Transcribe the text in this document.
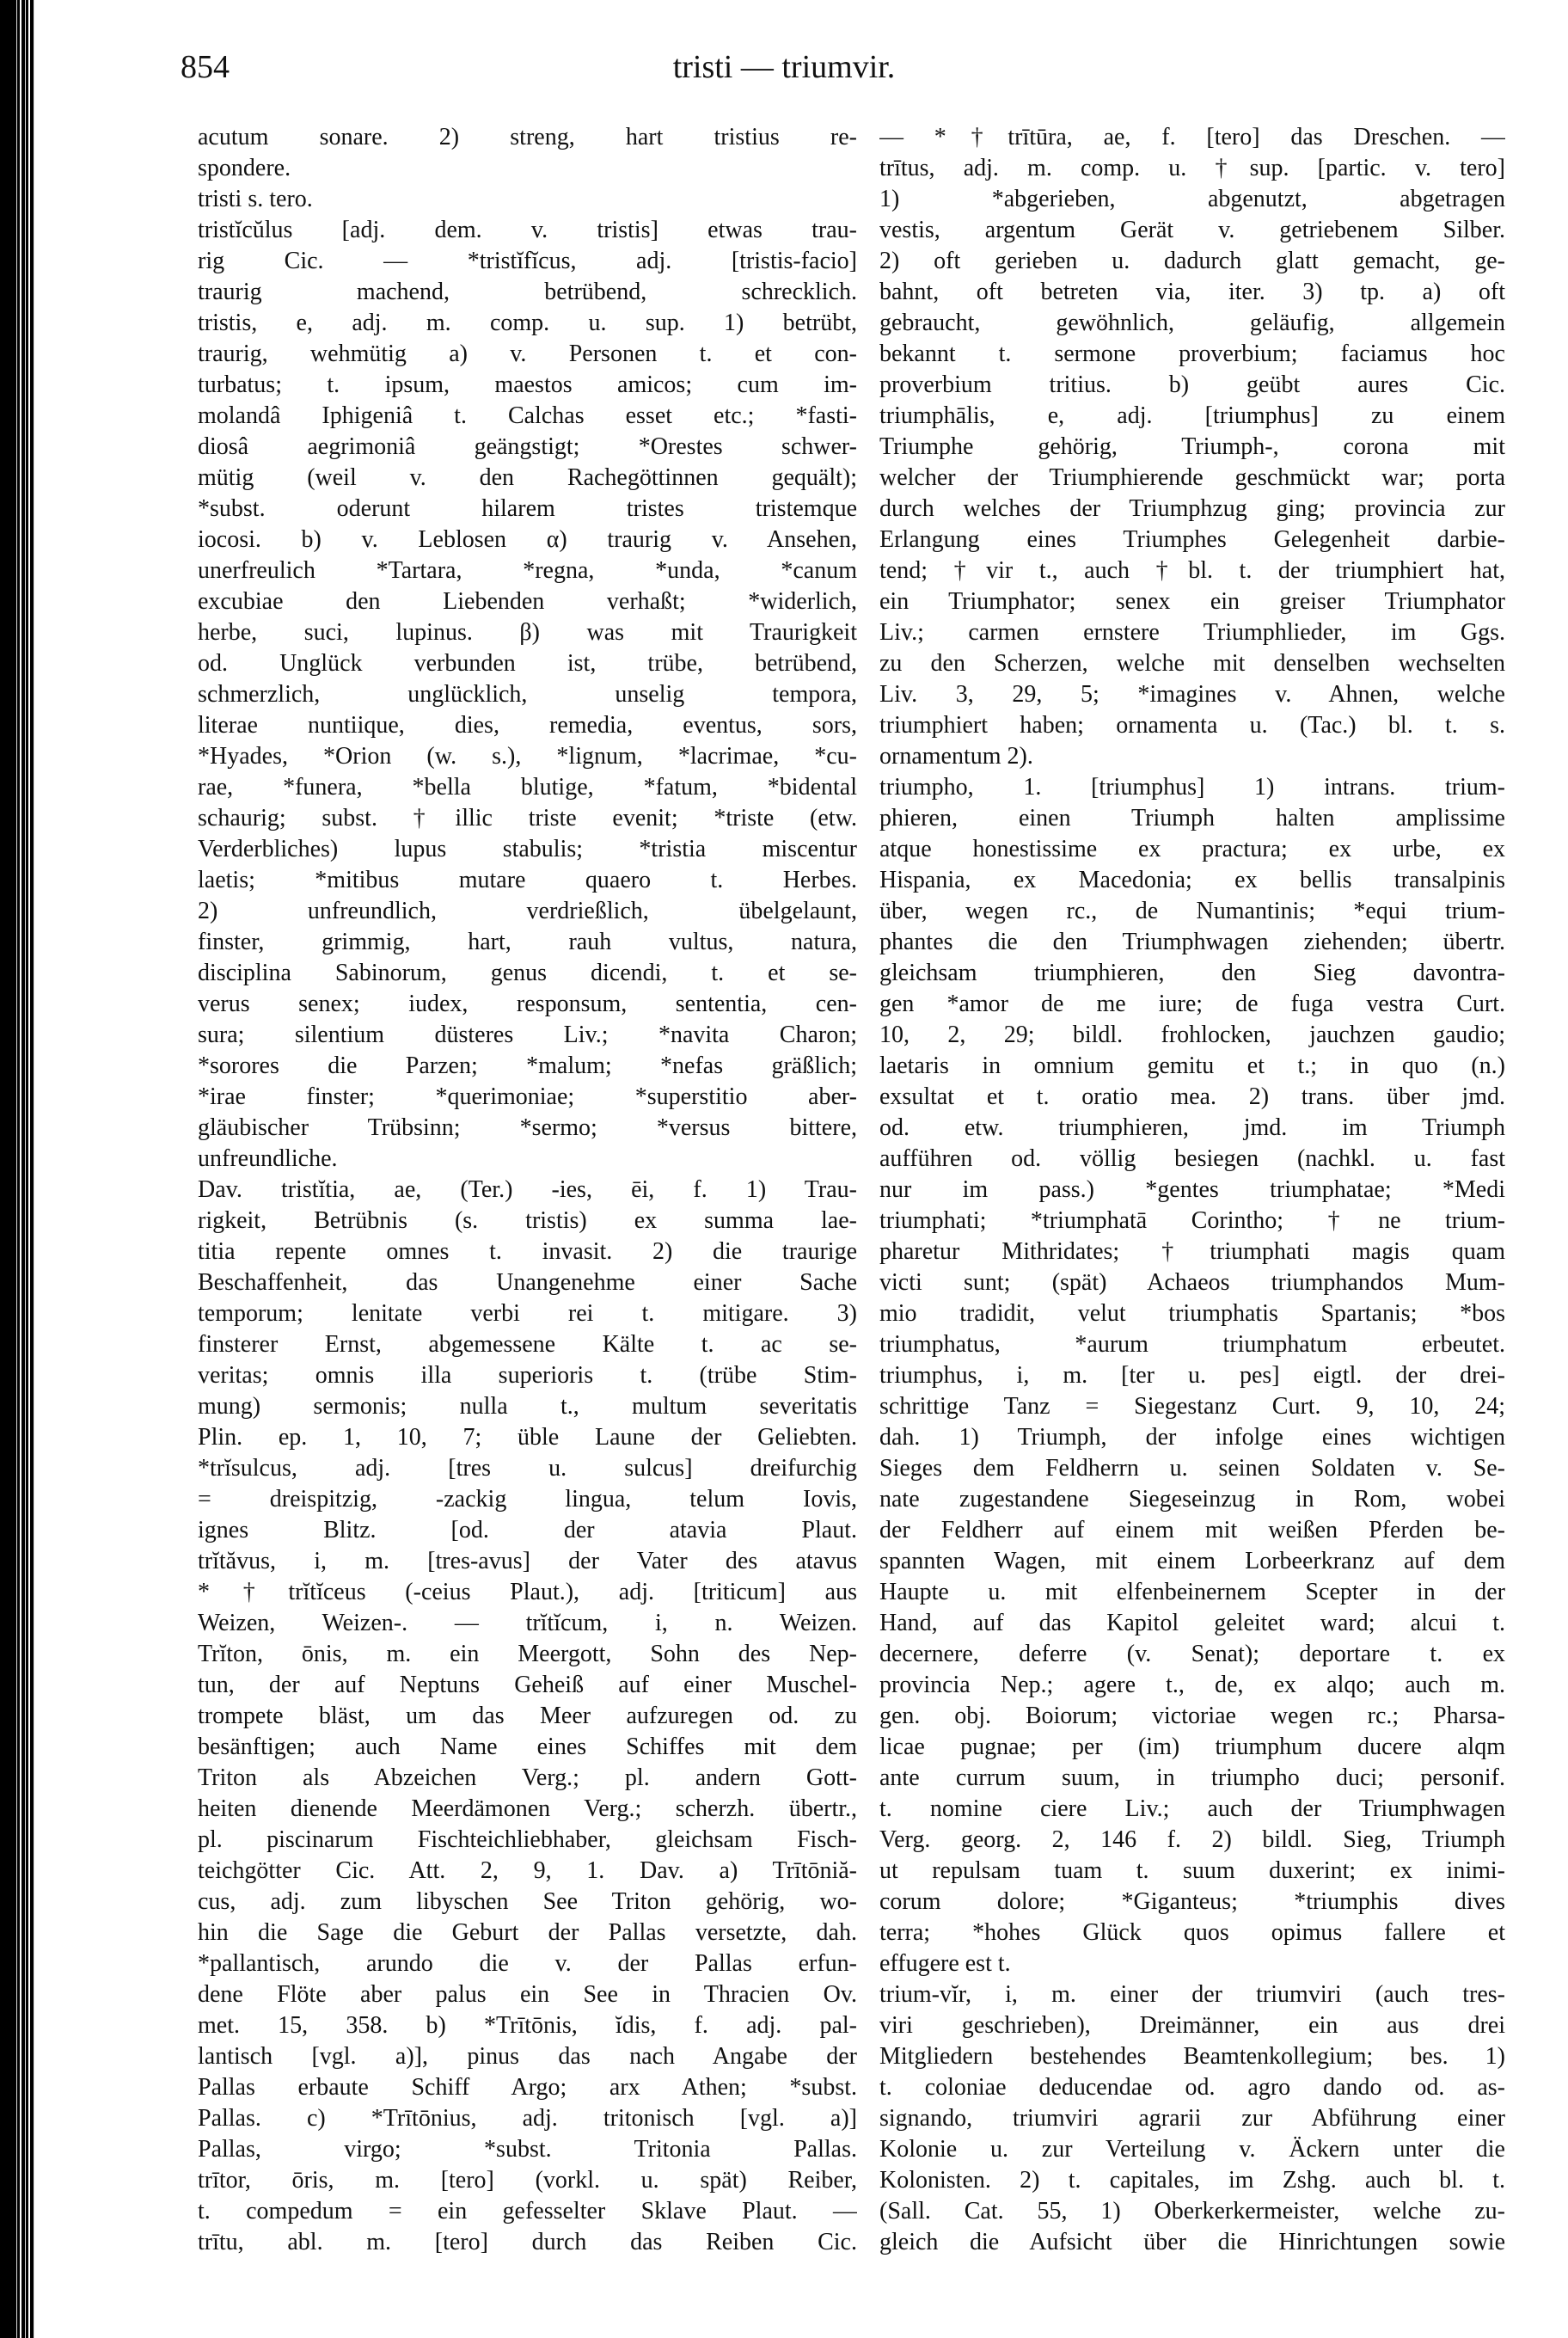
854	tristi — triumvir.
acutum sonare. 2) streng, hart tristius re-
spondere.
tristi s. tero.
tristĭcŭlus [adj. dem. v. tristis] etwas trau-
rig Cic. — *tristĭfĭcus, adj. [tristis-facio]
traurig machend, betrübend, schrecklich.
tristis, e, adj. m. comp. u. sup. 1) betrübt,
traurig, wehmütig a) v. Personen t. et con-
turbatus; t. ipsum, maestos amicos; cum im-
molandâ Iphigeniâ t. Calchas esset etc.; *fasti-
diosâ aegrimoniâ geängstigt; *Orestes schwer-
mütig (weil v. den Rachegöttinnen gequält);
*subst. oderunt hilarem tristes tristemque
iocosi. b) v. Leblosen α) traurig v. Ansehen,
unerfreulich *Tartara, *regna, *unda, *canum
excubiae den Liebenden verhaßt; *widerlich,
herbe, suci, lupinus. β) was mit Traurigkeit
od. Unglück verbunden ist, trübe, betrübend,
schmerzlich, unglücklich, unselig tempora,
literae nuntiique, dies, remedia, eventus, sors,
*Hyades, *Orion (w. s.), *lignum, *lacrimae, *cu-
rae, *funera, *bella blutige, *fatum, *bidental
schaurig; subst. †illic triste evenit; *triste (etw.
Verderbliches) lupus stabulis; *tristia miscentur
laetis; *mitibus mutare quaero t. Herbes.
2) unfreundlich, verdrießlich, übelgelaunt,
finster, grimmig, hart, rauh vultus, natura,
disciplina Sabinorum, genus dicendi, t. et se-
verus senex; iudex, responsum, sententia, cen-
sura; silentium düsteres Liv.; *navita Charon;
*sorores die Parzen; *malum; *nefas gräßlich;
*irae finster; *querimoniae; *superstitio aber-
gläubischer Trübsinn; *sermo; *versus bittere,
unfreundliche.
Dav. tristĭtia, ae, (Ter.) -ies, ēi, f. 1) Trau-
rigkeit, Betrübnis (s. tristis) ex summa lae-
titia repente omnes t. invasit. 2) die traurige
Beschaffenheit, das Unangenehme einer Sache
temporum; lenitate verbi rei t. mitigare. 3)
finsterer Ernst, abgemessene Kälte t. ac se-
veritas; omnis illa superioris t. (trübe Stim-
mung) sermonis; nulla t., multum severitatis
Plin. ep. 1, 10, 7; üble Laune der Geliebten.
*trĭsulcus, adj. [tres u. sulcus] dreifurchig
= dreispitzig, -zackig lingua, telum Iovis,
ignes Blitz. [od. der atavia Plaut.
trĭtăvus, i, m. [tres-avus] der Vater des atavus
*†trĭtĭceus (-ceius Plaut.), adj. [triticum] aus
Weizen, Weizen-. — trĭtĭcum, i, n. Weizen.
Trĭton, ōnis, m. ein Meergott, Sohn des Nep-
tun, der auf Neptuns Geheiß auf einer Muschel-
trompete bläst, um das Meer aufzuregen od. zu
besänftigen; auch Name eines Schiffes mit dem
Triton als Abzeichen Verg.; pl. andern Gott-
heiten dienende Meerdämonen Verg.; scherzh. übertr.,
pl. piscinarum Fischteichliebhaber, gleichsam Fisch-
teichgötter Cic. Att. 2, 9, 1. Dav. a) Trītōniă-
cus, adj. zum libyschen See Triton gehörig, wo-
hin die Sage die Geburt der Pallas versetzte, dah.
*pallantisch, arundo die v. der Pallas erfun-
dene Flöte aber palus ein See in Thracien Ov.
met. 15, 358. b) *Trītōnis, ĭdis, f. adj. pal-
lantisch [vgl. a)], pinus das nach Angabe der
Pallas erbaute Schiff Argo; arx Athen; *subst.
Pallas. c) *Trītōnius, adj. tritonisch [vgl. a)]
Pallas, virgo; *subst. Tritonia Pallas.
trītor, ōris, m. [tero] (vorkl. u. spät) Reiber,
t. compedum = ein gefesselter Sklave Plaut. —
trītu, abl. m. [tero] durch das Reiben Cic.
— *†trītūra, ae, f. [tero] das Dreschen. —
trītus, adj. m. comp. u. †sup. [partic. v. tero]
1) *abgerieben, abgenutzt, abgetragen
vestis, argentum Gerät v. getriebenem Silber.
2) oft gerieben u. dadurch glatt gemacht, ge-
bahnt, oft betreten via, iter. 3) tp. a) oft
gebraucht, gewöhnlich, geläufig, allgemein
bekannt t. sermone proverbium; faciamus hoc
proverbium tritius. b) geübt aures Cic.
triumphālis, e, adj. [triumphus] zu einem
Triumphe gehörig, Triumph-, corona mit
welcher der Triumphierende geschmückt war; porta
durch welches der Triumphzug ging; provincia zur
Erlangung eines Triumphes Gelegenheit darbie-
tend; †vir t., auch †bl. t. der triumphiert hat,
ein Triumphator; senex ein greiser Triumphator
Liv.; carmen ernstere Triumphlieder, im Ggs.
zu den Scherzen, welche mit denselben wechselten
Liv. 3, 29, 5; *imagines v. Ahnen, welche
triumphiert haben; ornamenta u. (Tac.) bl. t. s.
ornamentum 2).
triumpho, 1. [triumphus] 1) intrans. trium-
phieren, einen Triumph halten amplissime
atque honestissime ex practura; ex urbe, ex
Hispania, ex Macedonia; ex bellis transalpinis
über, wegen rc., de Numantinis; *equi trium-
phantes die den Triumphwagen ziehenden; übertr.
gleichsam triumphieren, den Sieg davontra-
gen *amor de me iure; de fuga vestra Curt.
10, 2, 29; bildl. frohlocken, jauchzen gaudio;
laetaris in omnium gemitu et t.; in quo (n.)
exsultat et t. oratio mea. 2) trans. über jmd.
od. etw. triumphieren, jmd. im Triumph
aufführen od. völlig besiegen (nachkl. u. fast
nur im pass.) *gentes triumphatae; *Medi
triumphati; *triumphatā Corintho; †ne trium-
pharetur Mithridates; †triumphati magis quam
victi sunt; (spät) Achaeos triumphandos Mum-
mio tradidit, velut triumphatis Spartanis; *bos
triumphatus, *aurum triumphatum erbeutet.
triumphus, i, m. [ter u. pes] eigtl. der drei-
schrittige Tanz = Siegestanz Curt. 9, 10, 24;
dah. 1) Triumph, der infolge eines wichtigen
Sieges dem Feldherrn u. seinen Soldaten v. Se-
nate zugestandene Siegeseinzug in Rom, wobei
der Feldherr auf einem mit weißen Pferden be-
spannten Wagen, mit einem Lorbeerkranz auf dem
Haupte u. mit elfenbeinernem Scepter in der
Hand, auf das Kapitol geleitet ward; alcui t.
decernere, deferre (v. Senat); deportare t. ex
provincia Nep.; agere t., de, ex alqo; auch m.
gen. obj. Boiorum; victoriae wegen rc.; Pharsa-
licae pugnae; per (im) triumphum ducere alqm
ante currum suum, in triumpho duci; personif.
t. nomine ciere Liv.; auch der Triumphwagen
Verg. georg. 2, 146 f. 2) bildl. Sieg, Triumph
ut repulsam tuam t. suum duxerint; ex inimi-
corum dolore; *Giganteus; *triumphis dives
terra; *hohes Glück quos opimus fallere et
effugere est t.
trium-vĭr, i, m. einer der triumviri (auch tres-
viri geschrieben), Dreimänner, ein aus drei
Mitgliedern bestehendes Beamtenkollegium; bes. 1)
t. coloniae deducendae od. agro dando od. as-
signando, triumviri agrarii zur Abführung einer
Kolonie u. zur Verteilung v. Äckern unter die
Kolonisten. 2) t. capitales, im Zshg. auch bl. t.
(Sall. Cat. 55, 1) Oberkerkermeister, welche zu-
gleich die Aufsicht über die Hinrichtungen sowie
